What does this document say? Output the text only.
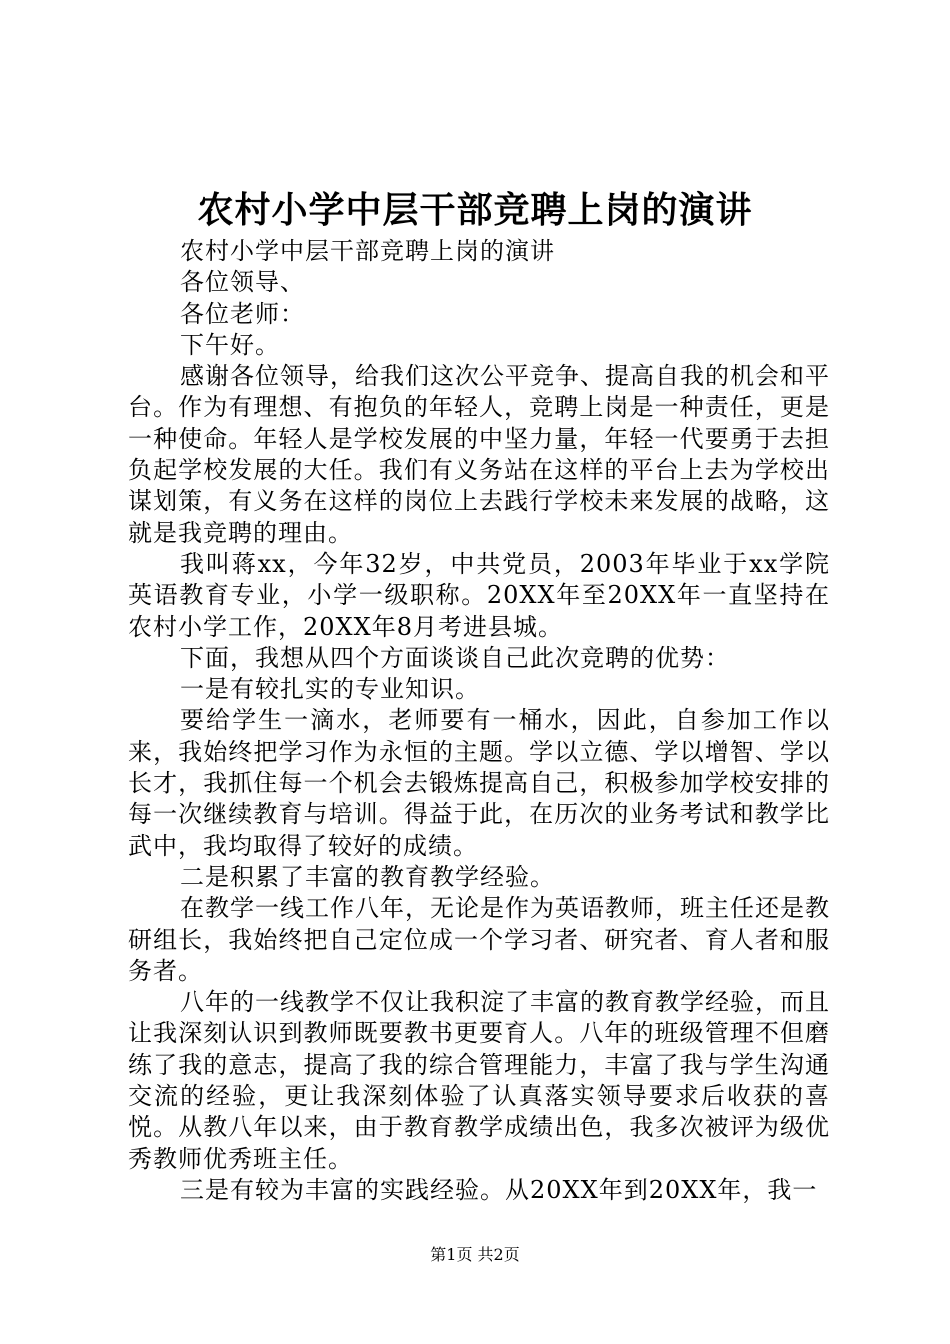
农村小学中层干部竞聘上岗的演讲

农村小学中层干部竞聘上岗的演讲

各位领导、

各位老师：

下午好。

感谢各位领导，给我们这次公平竞争、提高自我的机会和平台。作为有理想、有抱负的年轻人，竞聘上岗是一种责任，更是一种使命。年轻人是学校发展的中坚力量，年轻一代要勇于去担负起学校发展的大任。我们有义务站在这样的平台上去为学校出谋划策，有义务在这样的岗位上去践行学校未来发展的战略，这就是我竞聘的理由。

我叫蒋xx，今年32岁，中共党员，2003年毕业于xx学院英语教育专业，小学一级职称。20XX年至20XX年一直坚持在农村小学工作，20XX年8月考进县城。

下面，我想从四个方面谈谈自己此次竞聘的优势：

一是有较扎实的专业知识。

要给学生一滴水，老师要有一桶水，因此，自参加工作以来，我始终把学习作为永恒的主题。学以立德、学以增智、学以长才，我抓住每一个机会去锻炼提高自己，积极参加学校安排的每一次继续教育与培训。得益于此，在历次的业务考试和教学比武中，我均取得了较好的成绩。

二是积累了丰富的教育教学经验。

在教学一线工作八年，无论是作为英语教师，班主任还是教研组长，我始终把自己定位成一个学习者、研究者、育人者和服务者。

八年的一线教学不仅让我积淀了丰富的教育教学经验，而且让我深刻认识到教师既要教书更要育人。八年的班级管理不但磨练了我的意志，提高了我的综合管理能力，丰富了我与学生沟通交流的经验，更让我深刻体验了认真落实领导要求后收获的喜悦。从教八年以来，由于教育教学成绩出色，我多次被评为级优秀教师优秀班主任。

三是有较为丰富的实践经验。从20XX年到20XX年，我一

第1页 共2页
